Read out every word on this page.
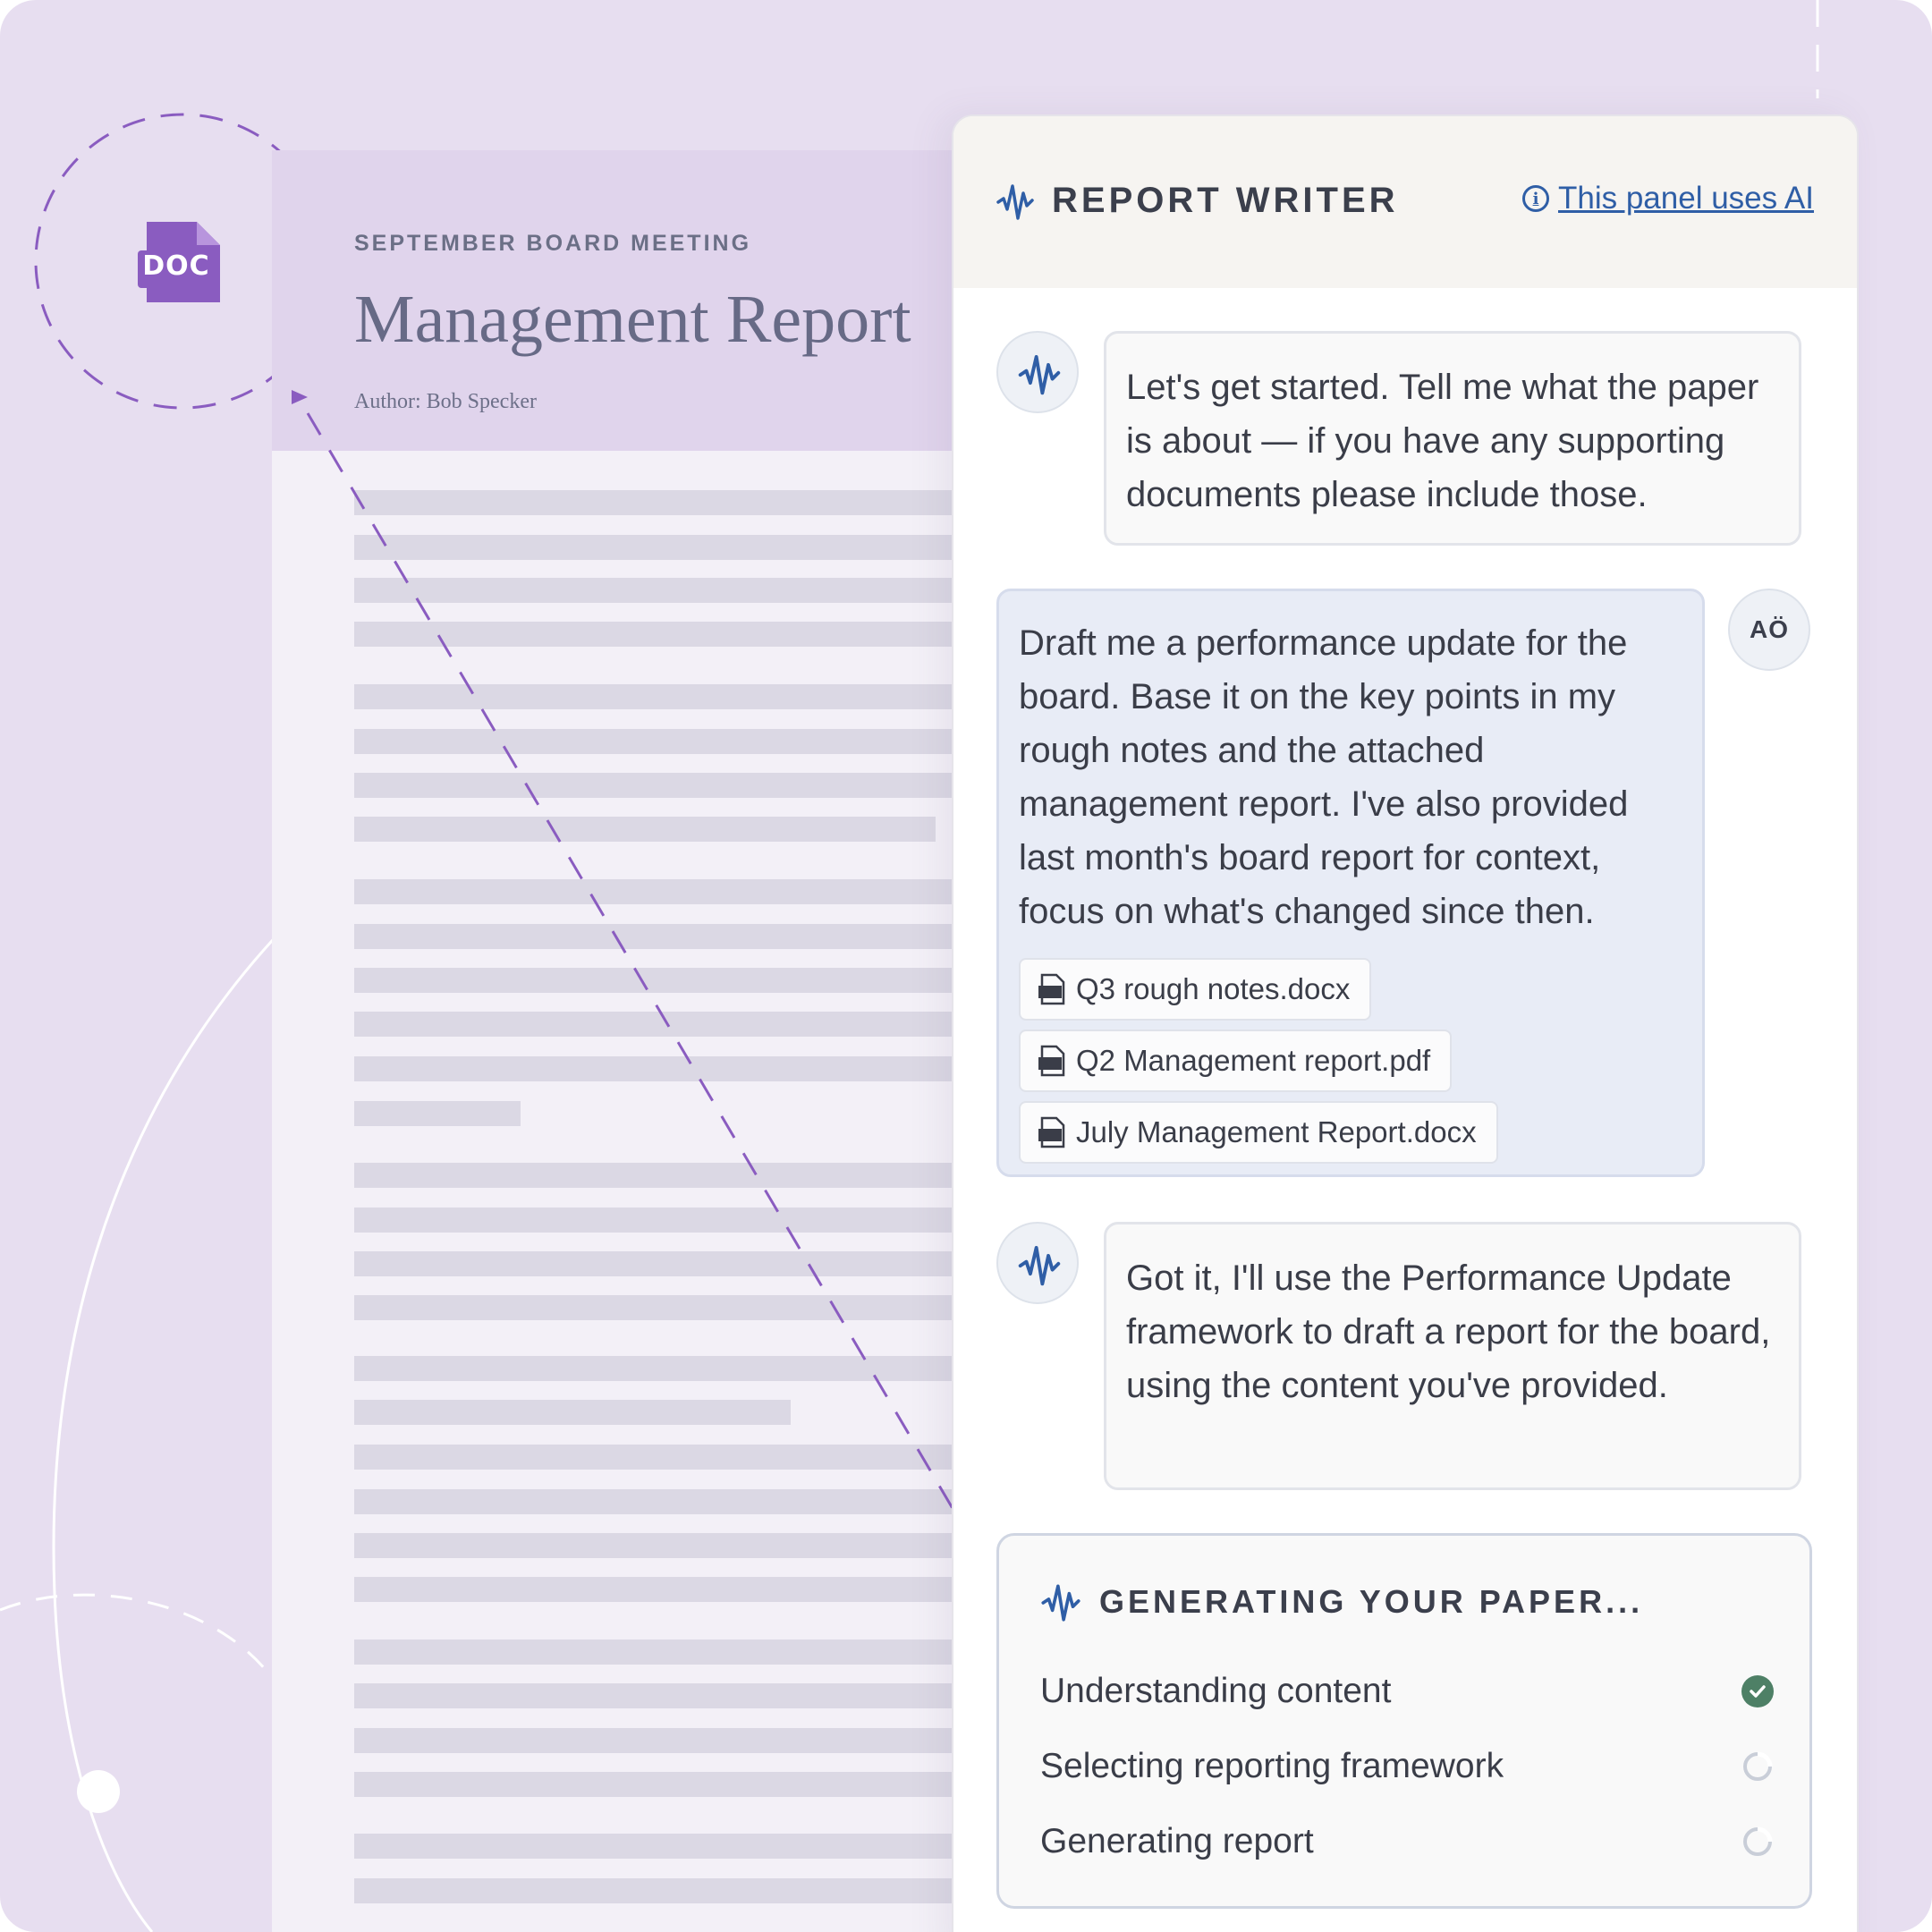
SEPTEMBER BOARD MEETING
Management Report
Author: Bob Specker
DOC
REPORT WRITER	i This panel uses AI
Let's get started. Tell me what the paper is about — if you have any supporting documents please include those.
Draft me a performance update for the board. Base it on the key points in my rough notes and the attached management report. I've also provided last month's board report for context, focus on what's changed since then.
Q3 rough notes.docx
Q2 Management report.pdf
July Management Report.docx
AÖ
Got it, I'll use the Performance Update framework to draft a report for the board, using the content you've provided.
GENERATING YOUR PAPER...
Understanding content
Selecting reporting framework
Generating report
